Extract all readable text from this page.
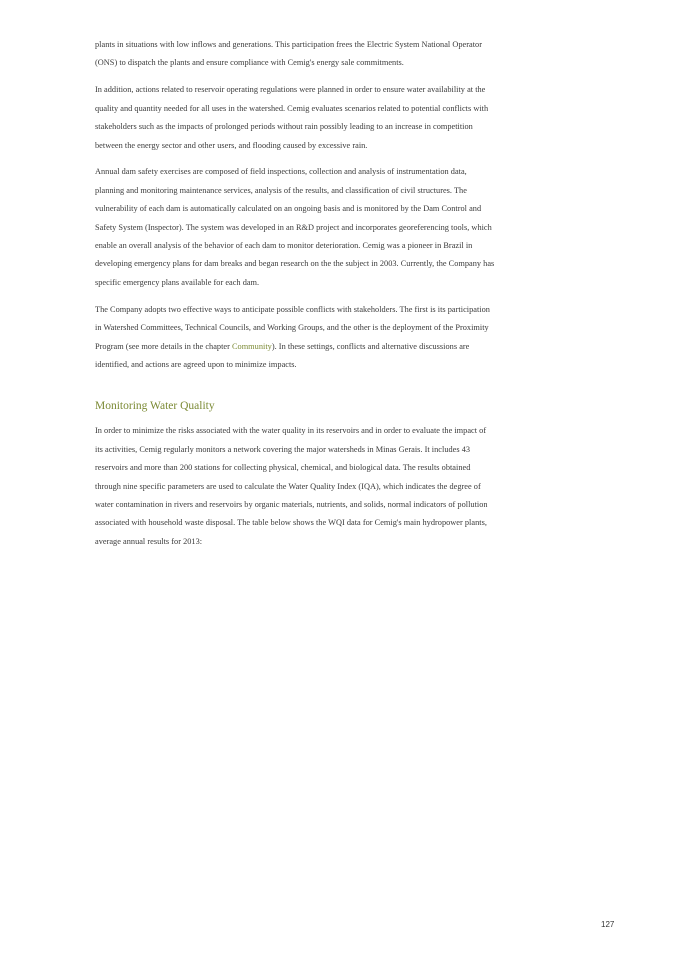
plants in situations with low inflows and generations. This participation frees the Electric System National Operator (ONS) to dispatch the plants and ensure compliance with Cemig's energy sale commitments.

In addition, actions related to reservoir operating regulations were planned in order to ensure water availability at the quality and quantity needed for all uses in the watershed. Cemig evaluates scenarios related to potential conflicts with stakeholders such as the impacts of prolonged periods without rain possibly leading to an increase in competition between the energy sector and other users, and flooding caused by excessive rain.

Annual dam safety exercises are composed of field inspections, collection and analysis of instrumentation data, planning and monitoring maintenance services, analysis of the results, and classification of civil structures. The vulnerability of each dam is automatically calculated on an ongoing basis and is monitored by the Dam Control and Safety System (Inspector). The system was developed in an R&D project and incorporates georeferencing tools, which enable an overall analysis of the behavior of each dam to monitor deterioration. Cemig was a pioneer in Brazil in developing emergency plans for dam breaks and began research on the the subject in 2003. Currently, the Company has specific emergency plans available for each dam.

The Company adopts two effective ways to anticipate possible conflicts with stakeholders. The first is its participation in Watershed Committees, Technical Councils, and Working Groups, and the other is the deployment of the Proximity Program (see more details in the chapter Community). In these settings, conflicts and alternative discussions are identified, and actions are agreed upon to minimize impacts.

Monitoring Water Quality

In order to minimize the risks associated with the water quality in its reservoirs and in order to evaluate the impact of its activities, Cemig regularly monitors a network covering the major watersheds in Minas Gerais. It includes 43 reservoirs and more than 200 stations for collecting physical, chemical, and biological data. The results obtained through nine specific parameters are used to calculate the Water Quality Index (IQA), which indicates the degree of water contamination in rivers and reservoirs by organic materials, nutrients, and solids, normal indicators of pollution associated with household waste disposal. The table below shows the WQI data for Cemig's main hydropower plants, average annual results for 2013:

127
